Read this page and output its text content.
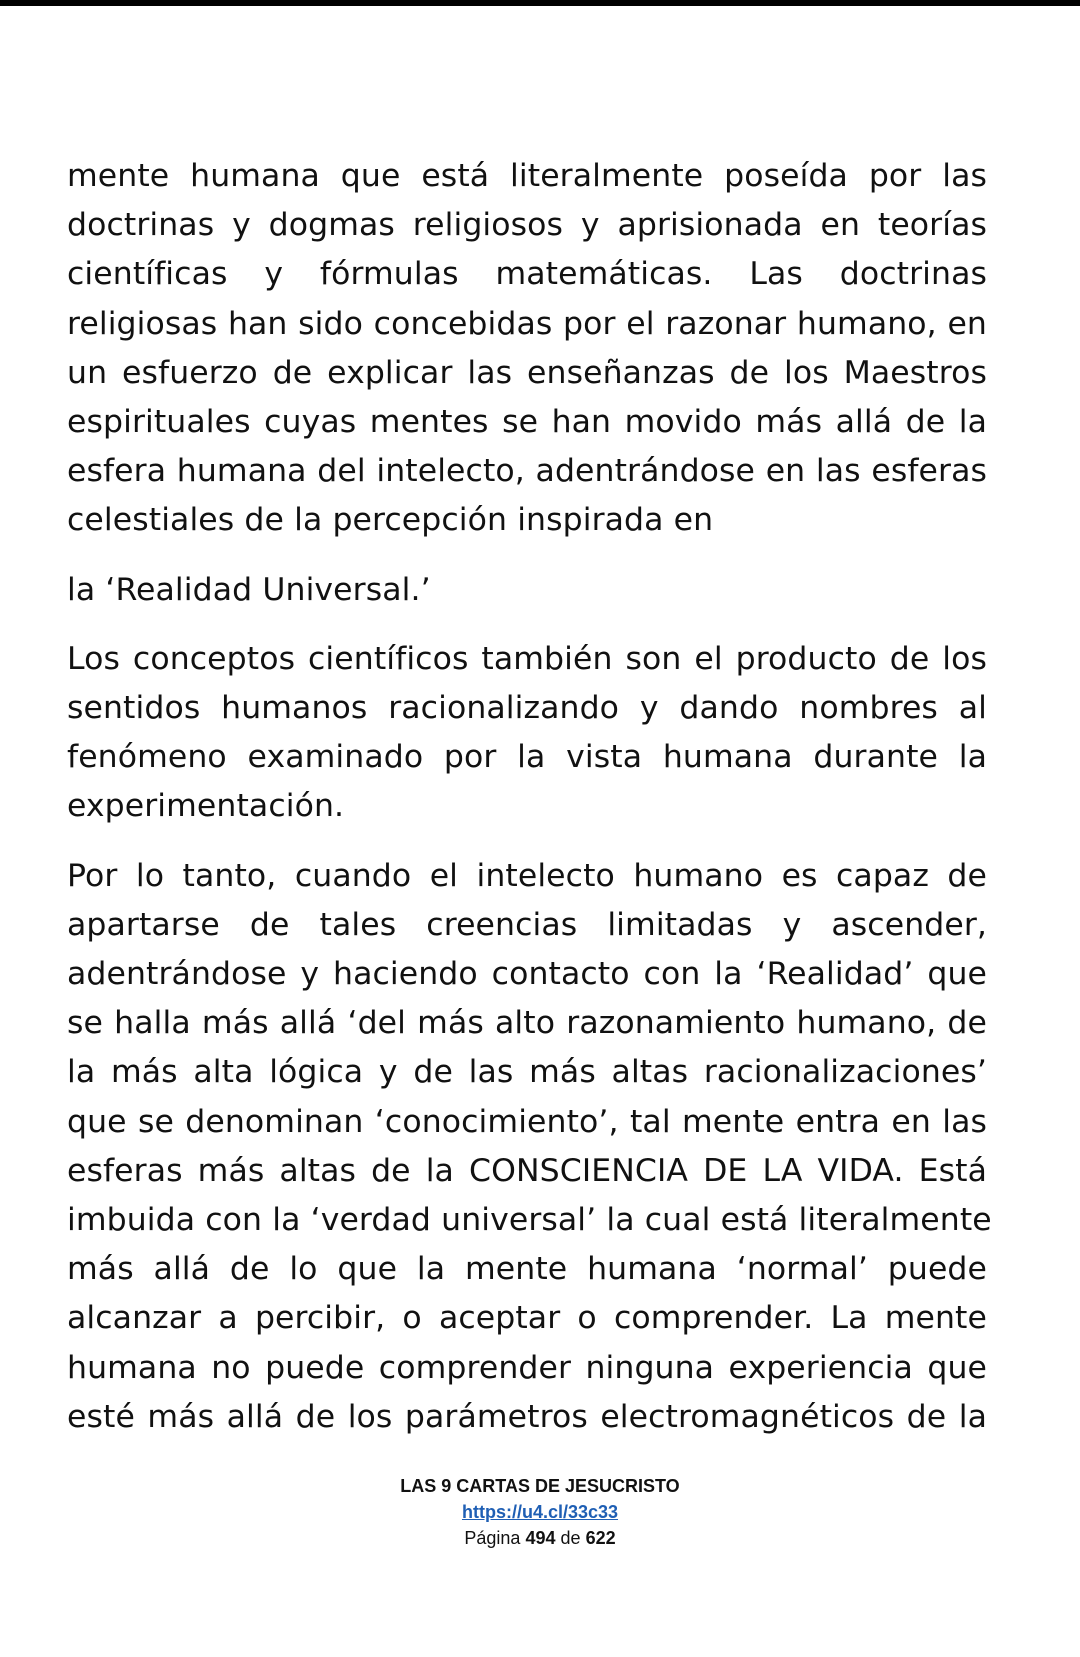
mente humana que está literalmente poseída por las
doctrinas y dogmas religiosos y aprisionada en teorías
científicas y fórmulas matemáticas. Las doctrinas
religiosas han sido concebidas por el razonar humano, en
un esfuerzo de explicar las enseñanzas de los Maestros
espirituales cuyas mentes se han movido más allá de la
esfera humana del intelecto, adentrándose en las esferas
celestiales de la percepción inspirada en

la ‘Realidad Universal.’

Los conceptos científicos también son el producto de los
sentidos humanos racionalizando y dando nombres al
fenómeno examinado por la vista humana durante la
experimentación.

Por lo tanto, cuando el intelecto humano es capaz de
apartarse de tales creencias limitadas y ascender,
adentrándose y haciendo contacto con la ‘Realidad’ que
se halla más allá ‘del más alto razonamiento humano, de
la más alta lógica y de las más altas racionalizaciones’
que se denominan ‘conocimiento’, tal mente entra en las
esferas más altas de la CONSCIENCIA DE LA VIDA. Está
imbuida con la ‘verdad universal’ la cual está literalmente
más allá de lo que la mente humana ‘normal’ puede
alcanzar a percibir, o aceptar o comprender. La mente
humana no puede comprender ninguna experiencia que
esté más allá de los parámetros electromagnéticos de la

LAS 9 CARTAS DE JESUCRISTO
https://u4.cl/33c33
Página 494 de 622
